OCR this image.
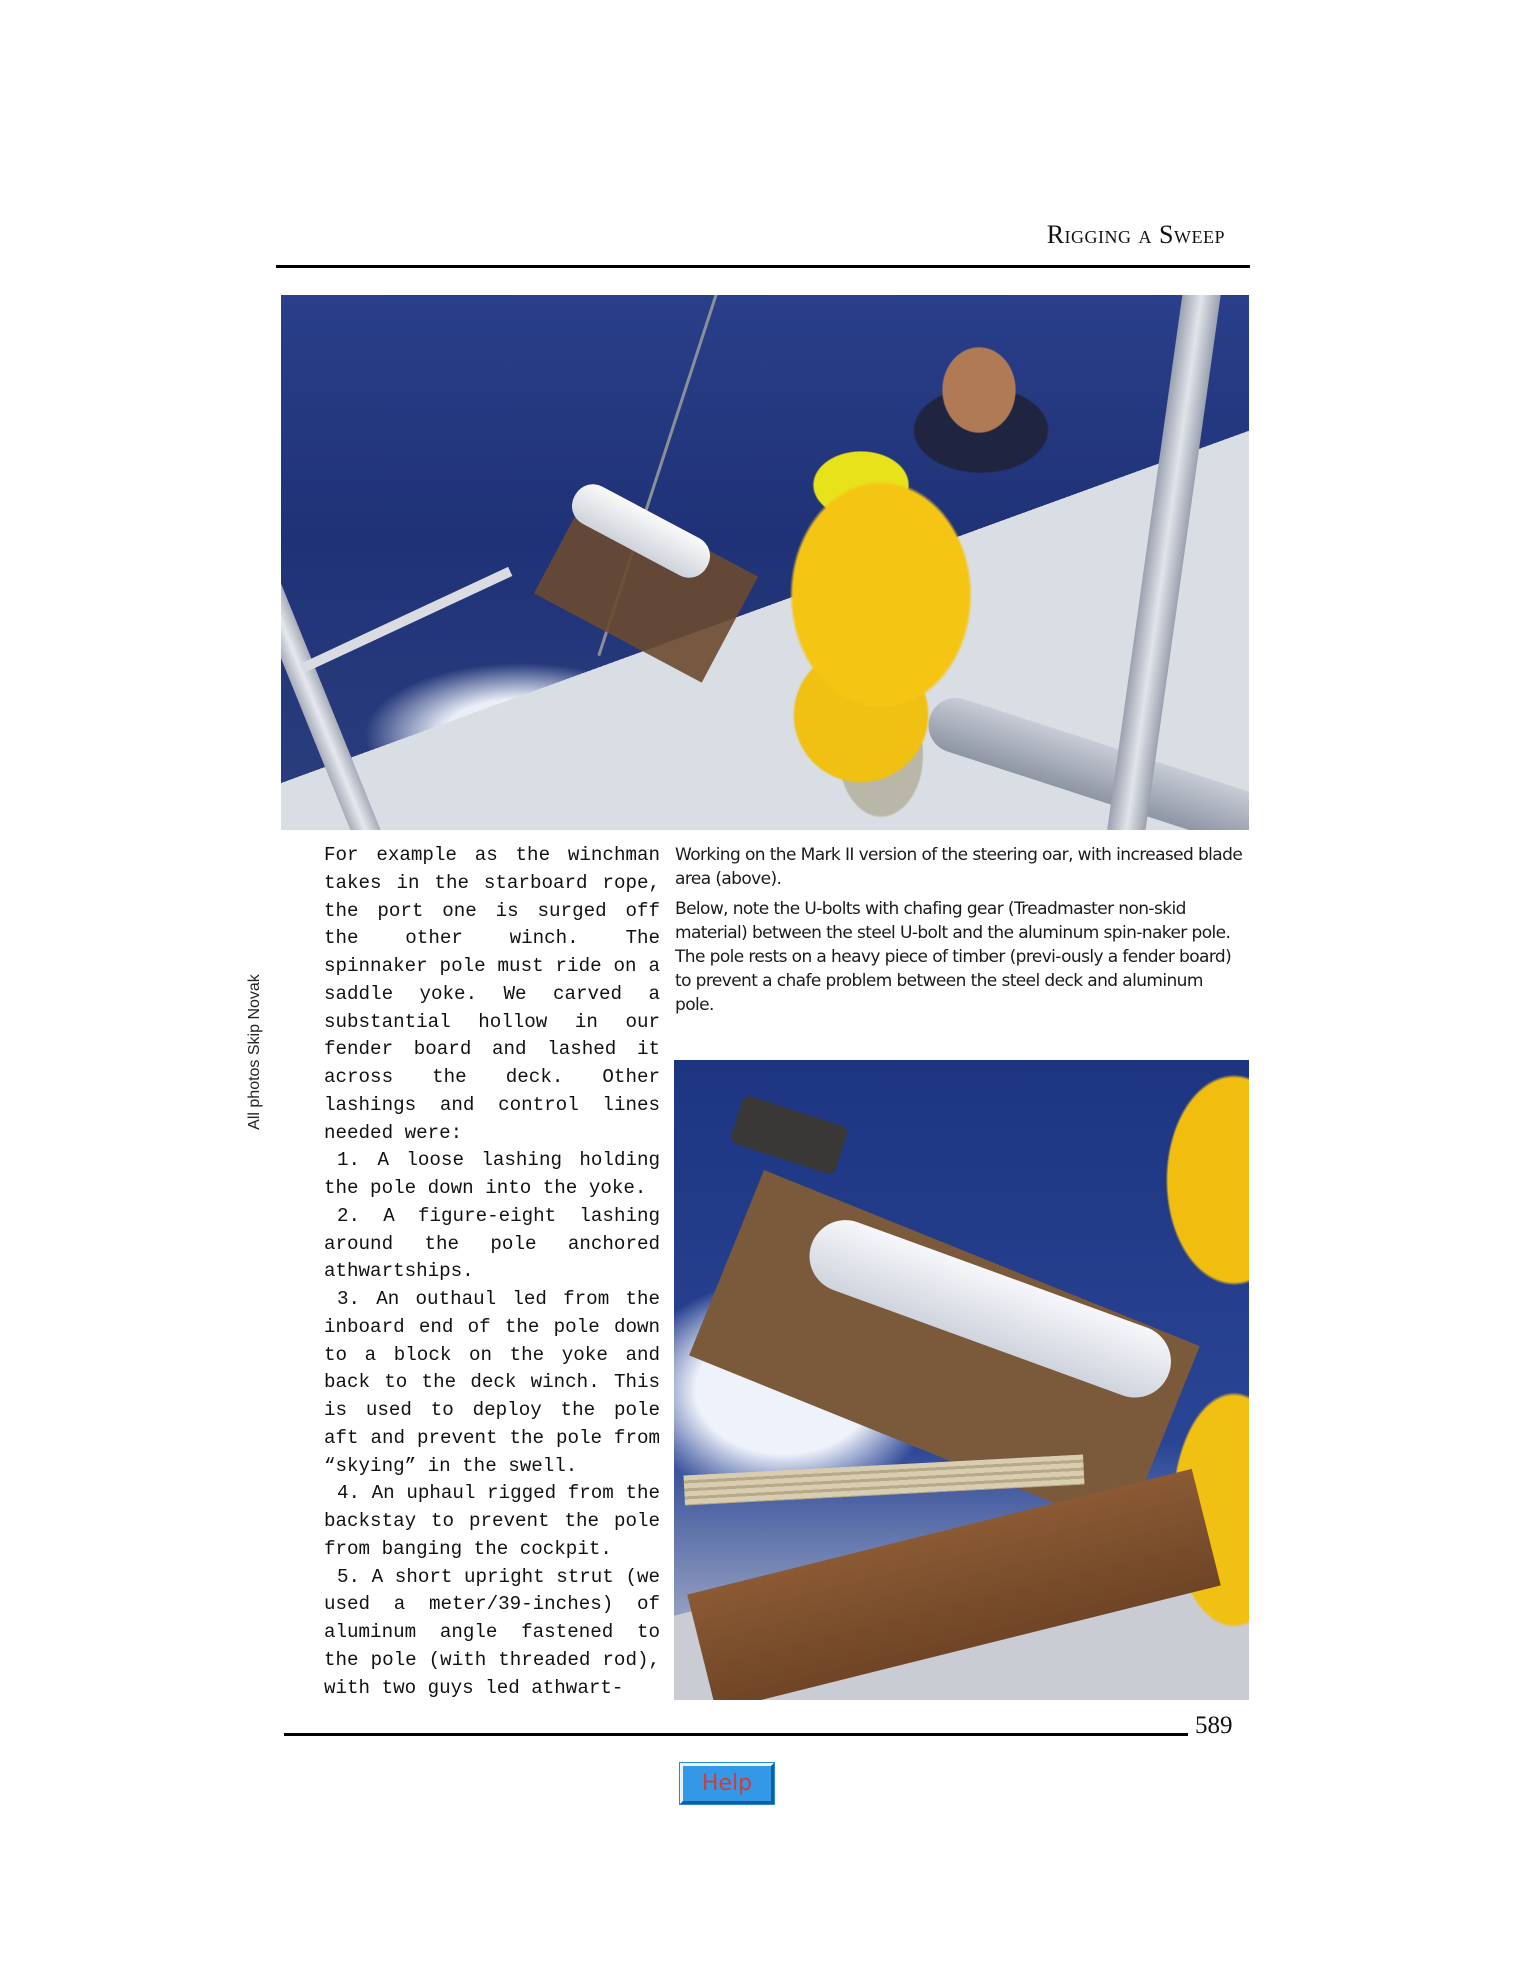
Rigging a Sweep
All photos Skip Novak

For example as the winchman takes in the starboard rope, the port one is surged off the other winch. The spinnaker pole must ride on a saddle yoke. We carved a substantial hollow in our fender board and lashed it across the deck. Other lashings and control lines needed were:

1. A loose lashing holding the pole down into the yoke.

2. A figure-eight lashing around the pole anchored athwartships.

3. An outhaul led from the inboard end of the pole down to a block on the yoke and back to the deck winch. This is used to deploy the pole aft and prevent the pole from “skying” in the swell.

4. An uphaul rigged from the backstay to prevent the pole from banging the cockpit.

5. A short upright strut (we used a meter/39-inches) of aluminum angle fastened to the pole (with threaded rod), with two guys led athwart-

Working on the Mark II version of the steering oar, with increased blade area (above).

Below, note the U-bolts with chafing gear (Treadmaster non-skid material) between the steel U-bolt and the aluminum spin-naker pole. The pole rests on a heavy piece of timber (previ-ously a fender board) to prevent a chafe problem between the steel deck and aluminum pole.

589
Help
